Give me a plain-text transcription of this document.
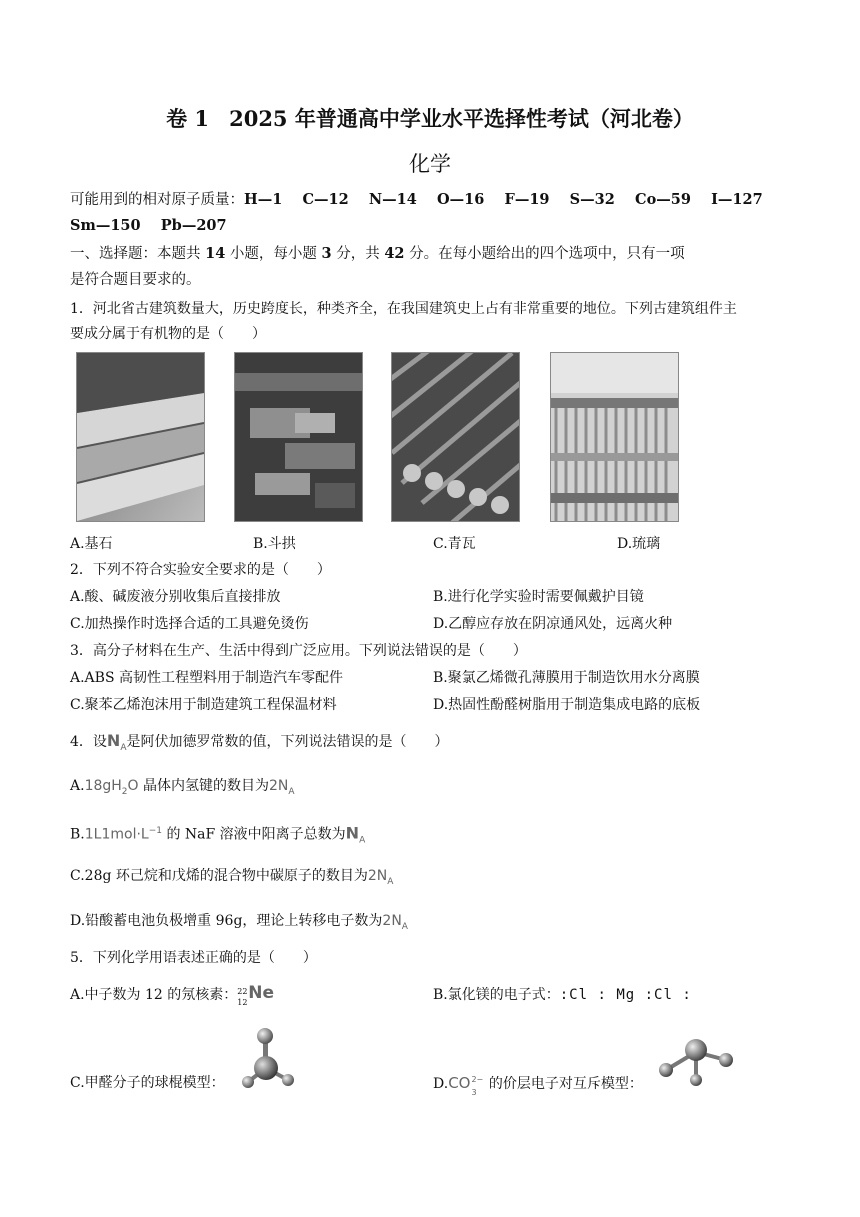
卷 1 2025 年普通高中学业水平选择性考试（河北卷）
化学
可能用到的相对原子质量：H—1    C—12    N—14    O—16    F—19    S—32    Co—59    I—127
Sm—150    Pb—207
一、选择题：本题共 14 小题，每小题 3 分，共 42 分。在每小题给出的四个选项中，只有一项
是符合题目要求的。
1．河北省古建筑数量大，历史跨度长，种类齐全，在我国建筑史上占有非常重要的地位。下列古建筑组件主
要成分属于有机物的是（　　）
A.基石	B.斗拱	C.青瓦	D.琉璃
2．下列不符合实验安全要求的是（　　）
A.酸、碱废液分别收集后直接排放	B.进行化学实验时需要佩戴护目镜
C.加热操作时选择合适的工具避免烫伤	D.乙醇应存放在阴凉通风处，远离火种
3．高分子材料在生产、生活中得到广泛应用。下列说法错误的是（　　）
A.ABS 高韧性工程塑料用于制造汽车零配件	B.聚氯乙烯微孔薄膜用于制造饮用水分离膜
C.聚苯乙烯泡沫用于制造建筑工程保温材料	D.热固性酚醛树脂用于制造集成电路的底板
4．设$N_A$是阿伏加德罗常数的值，下列说法错误的是（　　）
$A.18gH_2O$ 晶体内氢键的数目为$2N_A$
$B.1L1mol\cdot L^{-1}$ 的 NaF 溶液中阳离子总数为$N_A$
C.28g 环己烷和戊烯的混合物中碳原子的数目为$2N_A$
D.铅酸蓄电池负极增重 96g，理论上转移电子数为$2N_A$
5．下列化学用语表述正确的是（　　）
A.中子数为 12 的氖核素： 22
12 Ne	B.氯化镁的电子式：:Cl : Mg :Cl :
C.甲醛分子的球棍模型：	D.CO 2−
3
的价层电子对互斥模型：
